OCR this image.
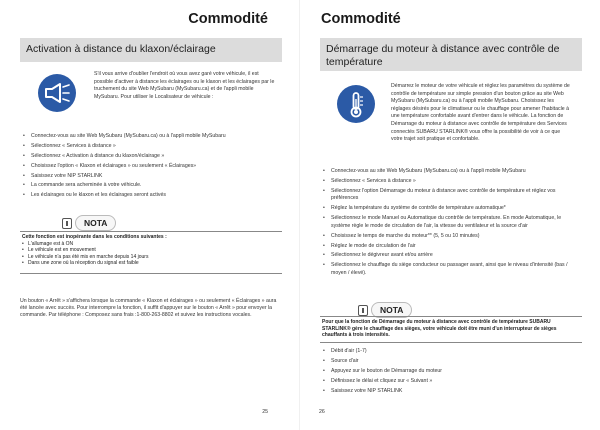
Commodité
Activation à distance du klaxon/éclairage
S'il vous arrive d'oublier l'endroit où vous avez garé votre véhicule, il est possible d'activer à distance les éclairages ou le klaxon et les éclairages par le truchement du site Web MySubaru (MySubaru.ca) et de l'appli mobile MySubaru. Pour utiliser le Localisateur de véhicule :
• Connectez-vous au site Web MySubaru (MySubaru.ca) ou à l'appli mobile MySubaru
• Sélectionnez « Services à distance »
• Sélectionnez « Activation à distance du klaxon/éclairage »
• Choisissez l'option « Klaxon et éclairages » ou seulement « Éclairages»
• Saisissez votre NIP STARLINK
• La commande sera acheminée à votre véhicule.
• Les éclairages ou le klaxon et les éclairages seront activés
NOTA
Cette fonction est inopérante dans les conditions suivantes :
• L'allumage est à ON
• Le véhicule est en mouvement
• Le véhicule n'a pas été mis en marche depuis 14 jours
• Dans une zone où la réception du signal est faible
Un bouton « Arrêt » s'affichera lorsque la commande « Klaxon et éclairages » ou seulement « Éclairages » aura été lancée avec succès. Pour interrompre la fonction, il suffit d'appuyer sur le bouton « Arrêt » pour envoyer la commande. Par téléphone : Composez sans frais :1-800-263-8802 et suivez les instructions vocales.
25
Commodité
Démarrage du moteur à distance avec contrôle de température
Démarrez le moteur de votre véhicule et réglez les paramètres du système de contrôle de température sur simple pression d'un bouton grâce au site Web MySubaru (MySubaru.ca) ou à l'appli mobile MySubaru. Choisissez les réglages désirés pour le climatiseur ou le chauffage pour amener l'habitacle à une température confortable avant d'entrer dans le véhicule. La fonction de Démarrage du moteur à distance avec contrôle de température des Services connectés SUBARU STARLINK® vous offre la possibilité de voir à ce que votre trajet soit pratique et confortable.
• Connectez-vous au site Web MySubaru (MySubaru.ca) ou à l'appli mobile MySubaru
• Sélectionnez « Services à distance »
• Sélectionnez l'option Démarrage du moteur à distance avec contrôle de température et réglez vos préférences
• Réglez la température du système de contrôle de température automatique*
• Sélectionnez le mode Manuel ou Automatique du contrôle de température. En mode Automatique, le système règle le mode de circulation de l'air, la vitesse du ventilateur et la source d'air
• Choisissez le temps de marche du moteur** (5, 5 ou 10 minutes)
• Réglez le mode de circulation de l'air
• Sélectionnez le dégivreur avant et/ou arrière
• Sélectionnez le chauffage du siège conducteur ou passager avant, ainsi que le niveau d'intensité (bas / moyen / élevé).
NOTA
Pour que la fonction de Démarrage du moteur à distance avec contrôle de température SUBARU STARLINK® gère le chauffage des sièges, votre véhicule doit être muni d'un interrupteur de sièges chauffants à trois intensités.
• Débit d'air (1-7)
• Source d'air
• Appuyez sur le bouton de Démarrage du moteur
• Définissez le délai et cliquez sur « Suivant »
• Saisissez votre NIP STARLINK
26
